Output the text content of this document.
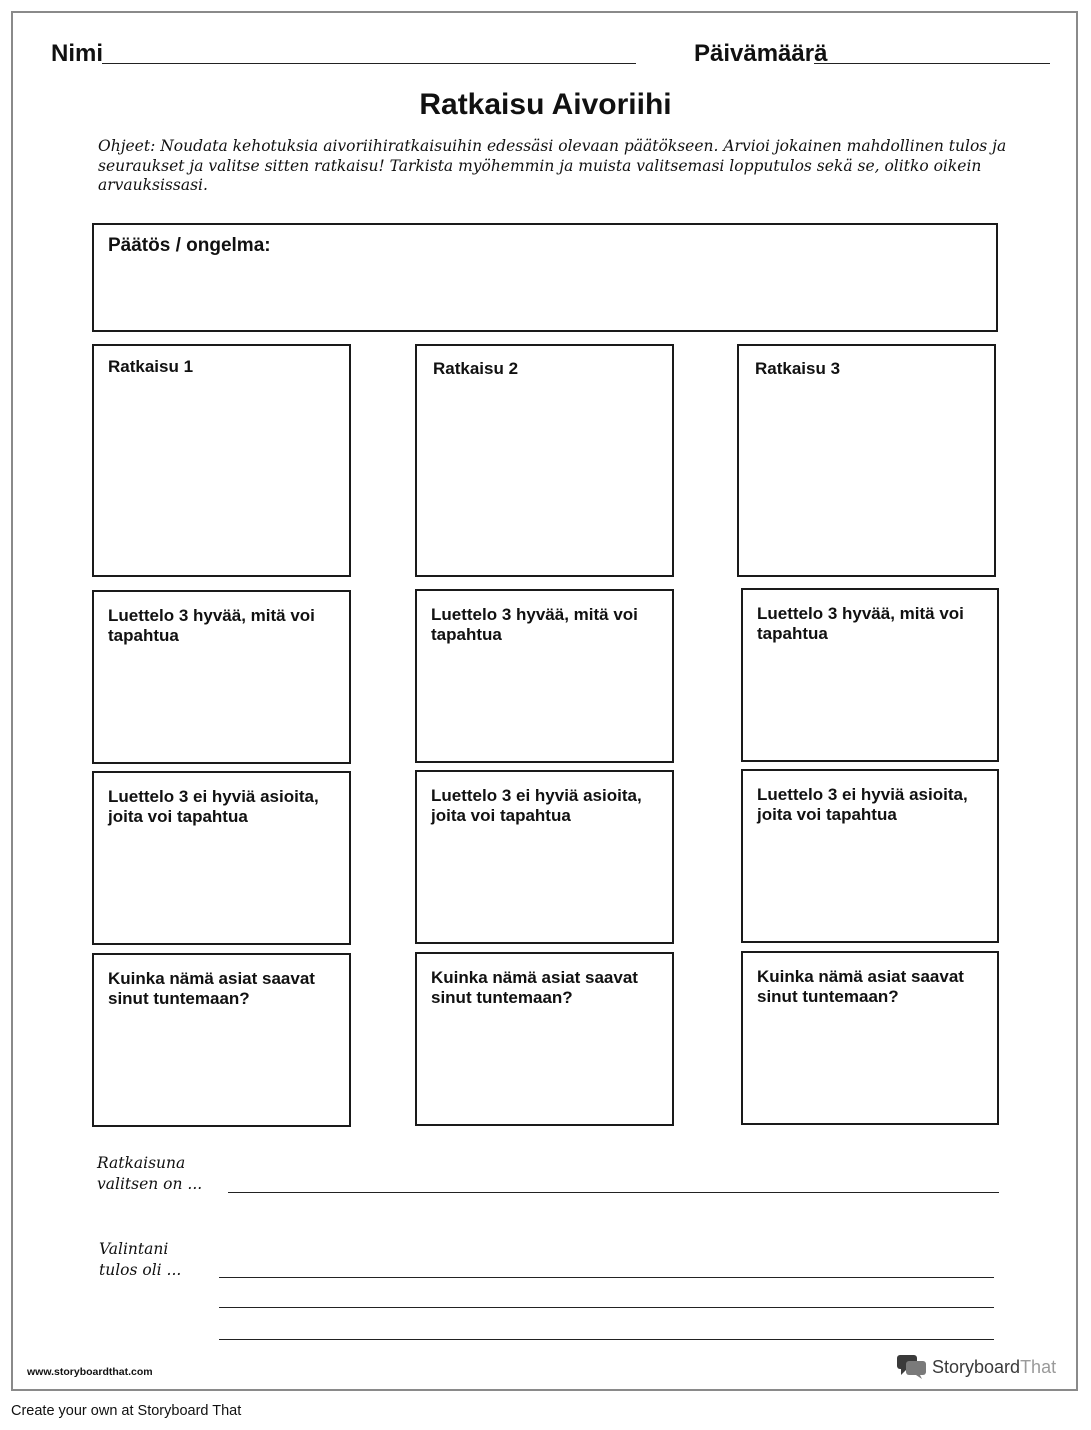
Nimi	Päivämäärä
Ratkaisu Aivoriihi
Ohjeet: Noudata kehotuksia aivoriihiratkaisuihin edessäsi olevaan päätökseen. Arvioi jokainen mahdollinen tulos ja seuraukset ja valitse sitten ratkaisu! Tarkista myöhemmin ja muista valitsemasi lopputulos sekä se, olitko oikein arvauksissasi.
Päätös / ongelma:
Ratkaisu 1
Luettelo 3 hyvää, mitä voi tapahtua
Luettelo 3 ei hyviä asioita, joita voi tapahtua
Kuinka nämä asiat saavat sinut tuntemaan?
Ratkaisu 2
Luettelo 3 hyvää, mitä voi tapahtua
Luettelo 3 ei hyviä asioita, joita voi tapahtua
Kuinka nämä asiat saavat sinut tuntemaan?
Ratkaisu 3
Luettelo 3 hyvää, mitä voi tapahtua
Luettelo 3 ei hyviä asioita, joita voi tapahtua
Kuinka nämä asiat saavat sinut tuntemaan?
Ratkaisuna
valitsen on ...
Valintani
tulos oli ...
www.storyboardthat.com	Storyboard That
Create your own at Storyboard That
